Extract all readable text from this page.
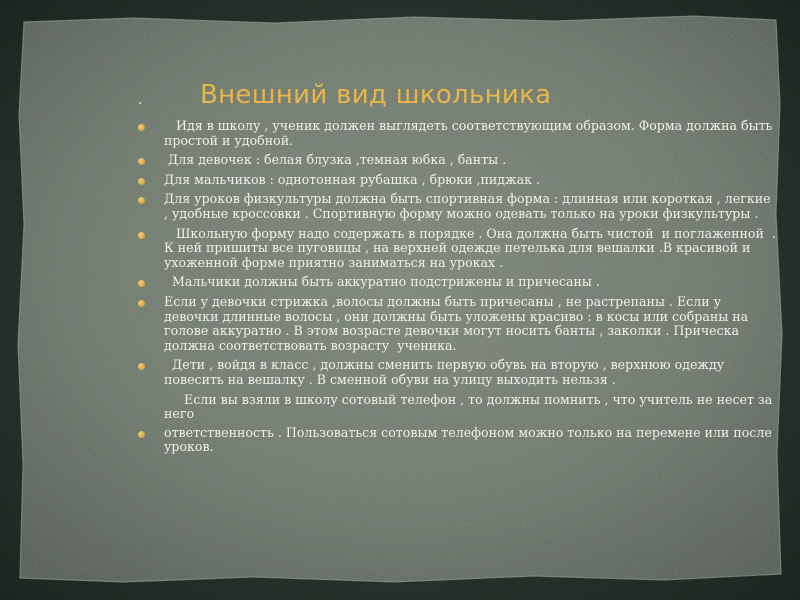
. Внешний вид школьника
Идя в школу , ученик должен выглядеть соответствующим образом. Форма должна быть простой и удобной.
Для девочек : белая блузка ,темная юбка , банты .
Для мальчиков : однотонная рубашка , брюки ,пиджак .
Для уроков физкультуры должна быть спортивная форма : длинная или короткая , легкие , удобные кроссовки . Спортивную форму можно одевать только на уроки физкультуры .
Школьную форму надо содержать в порядке . Она должна быть чистой  и поглаженной  .   К ней пришиты все пуговицы , на верхней одежде петелька для вешалки .В красивой и ухоженной форме приятно заниматься на уроках .
Мальчики должны быть аккуратно подстрижены и причесаны .
Если у девочки стрижка ,волосы должны быть причесаны , не растрепаны . Если у девочки длинные волосы , они должны быть уложены красиво : в косы или собраны на голове аккуратно . В этом возрасте девочки могут носить банты , заколки . Прическа должна соответствовать возрасту  ученика.
Дети , войдя в класс , должны сменить первую обувь на вторую , верхнюю одежду повесить на вешалку . В сменной обуви на улицу выходить нельзя .
Если вы взяли в школу сотовый телефон , то должны помнить , что учитель не несет за него
ответственность . Пользоваться сотовым телефоном можно только на перемене или после уроков.
